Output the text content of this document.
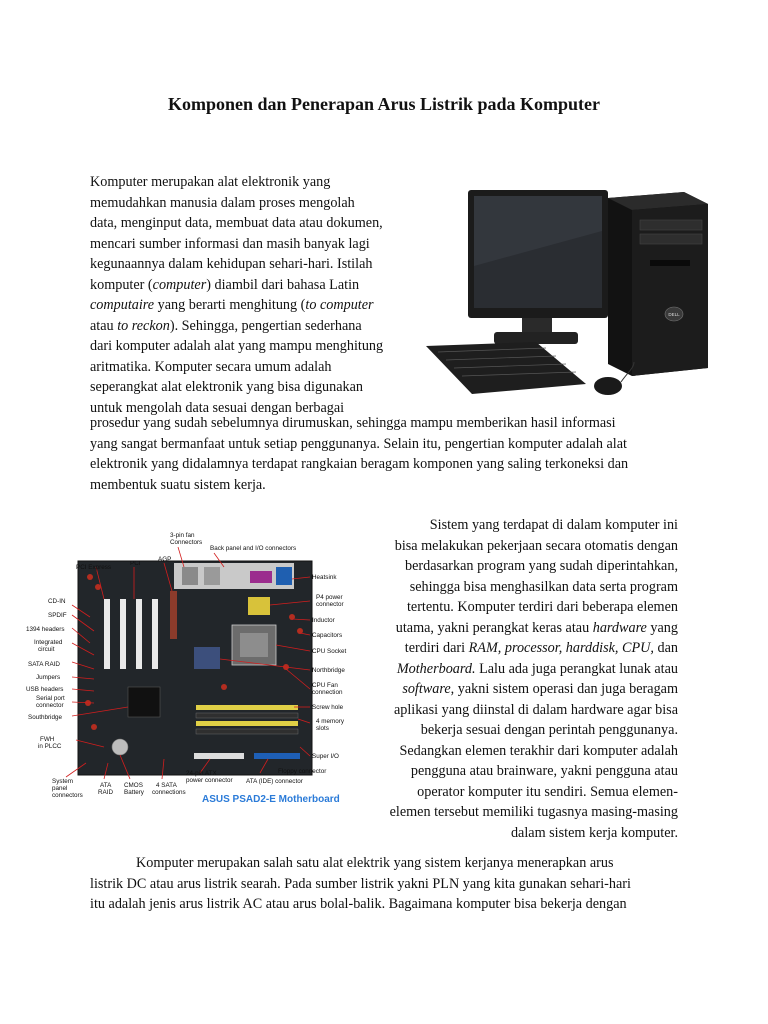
Komponen dan Penerapan Arus Listrik pada Komputer

Komputer merupakan alat elektronik yang
memudahkan manusia dalam proses mengolah
data, menginput data, membuat data atau dokumen,
mencari sumber informasi dan masih banyak lagi
kegunaannya dalam kehidupan sehari-hari. Istilah
komputer (computer) diambil dari bahasa Latin
computaire yang berarti menghitung (to computer
atau to reckon). Sehingga, pengertian sederhana
dari komputer adalah alat yang mampu menghitung
aritmatika. Komputer secara umum adalah
seperangkat alat elektronik yang bisa digunakan
untuk mengolah data sesuai dengan berbagai

DELL

prosedur yang sudah sebelumnya dirumuskan, sehingga mampu memberikan hasil informasi
yang sangat bermanfaat untuk setiap penggunanya. Selain itu, pengertian komputer adalah alat
elektronik yang didalamnya terdapat rangkaian beragam komponen yang saling terkoneksi dan
membentuk suatu sistem kerja.

PCI Express
PCI
AGP
3-pin fan
Connectors
Back panel and I/O connectors
CD-IN
SPDIF
1394 headers
Integrated
circuit
SATA RAID
Jumpers
USB headers
Serial port
connector
Southbridge
FWH
in PLCC
System
panel
connectors
ATA
RAID
CMOS
Battery
4 SATA
connections
24-pin ATX
power connector ATA (IDE) connector
Floppy connector
Heatsink
P4 power
connector
Inductor
Capacitors
CPU Socket
Northbridge
CPU Fan
connection
Screw hole
4 memory
slots
Super I/O
ASUS PSAD2-E Motherboard

Sistem yang terdapat di dalam komputer ini
bisa melakukan pekerjaan secara otomatis dengan
berdasarkan program yang sudah diperintahkan,
sehingga bisa menghasilkan data serta program
tertentu. Komputer terdiri dari beberapa elemen
utama, yakni perangkat keras atau hardware yang
terdiri dari RAM, processor, harddisk, CPU, dan
Motherboard. Lalu ada juga perangkat lunak atau
software, yakni sistem operasi dan juga beragam
aplikasi yang diinstal di dalam hardware agar bisa
bekerja sesuai dengan perintah penggunanya.
Sedangkan elemen terakhir dari komputer adalah
pengguna atau brainware, yakni pengguna atau
operator komputer itu sendiri. Semua elemen-
elemen tersebut memiliki tugasnya masing-masing
dalam sistem kerja komputer.

Komputer merupakan salah satu alat elektrik yang sistem kerjanya menerapkan arus
listrik DC atau arus listrik searah. Pada sumber listrik yakni PLN yang kita gunakan sehari-hari
itu adalah jenis arus listrik AC atau arus bolal-balik. Bagaimana komputer bisa bekerja dengan
